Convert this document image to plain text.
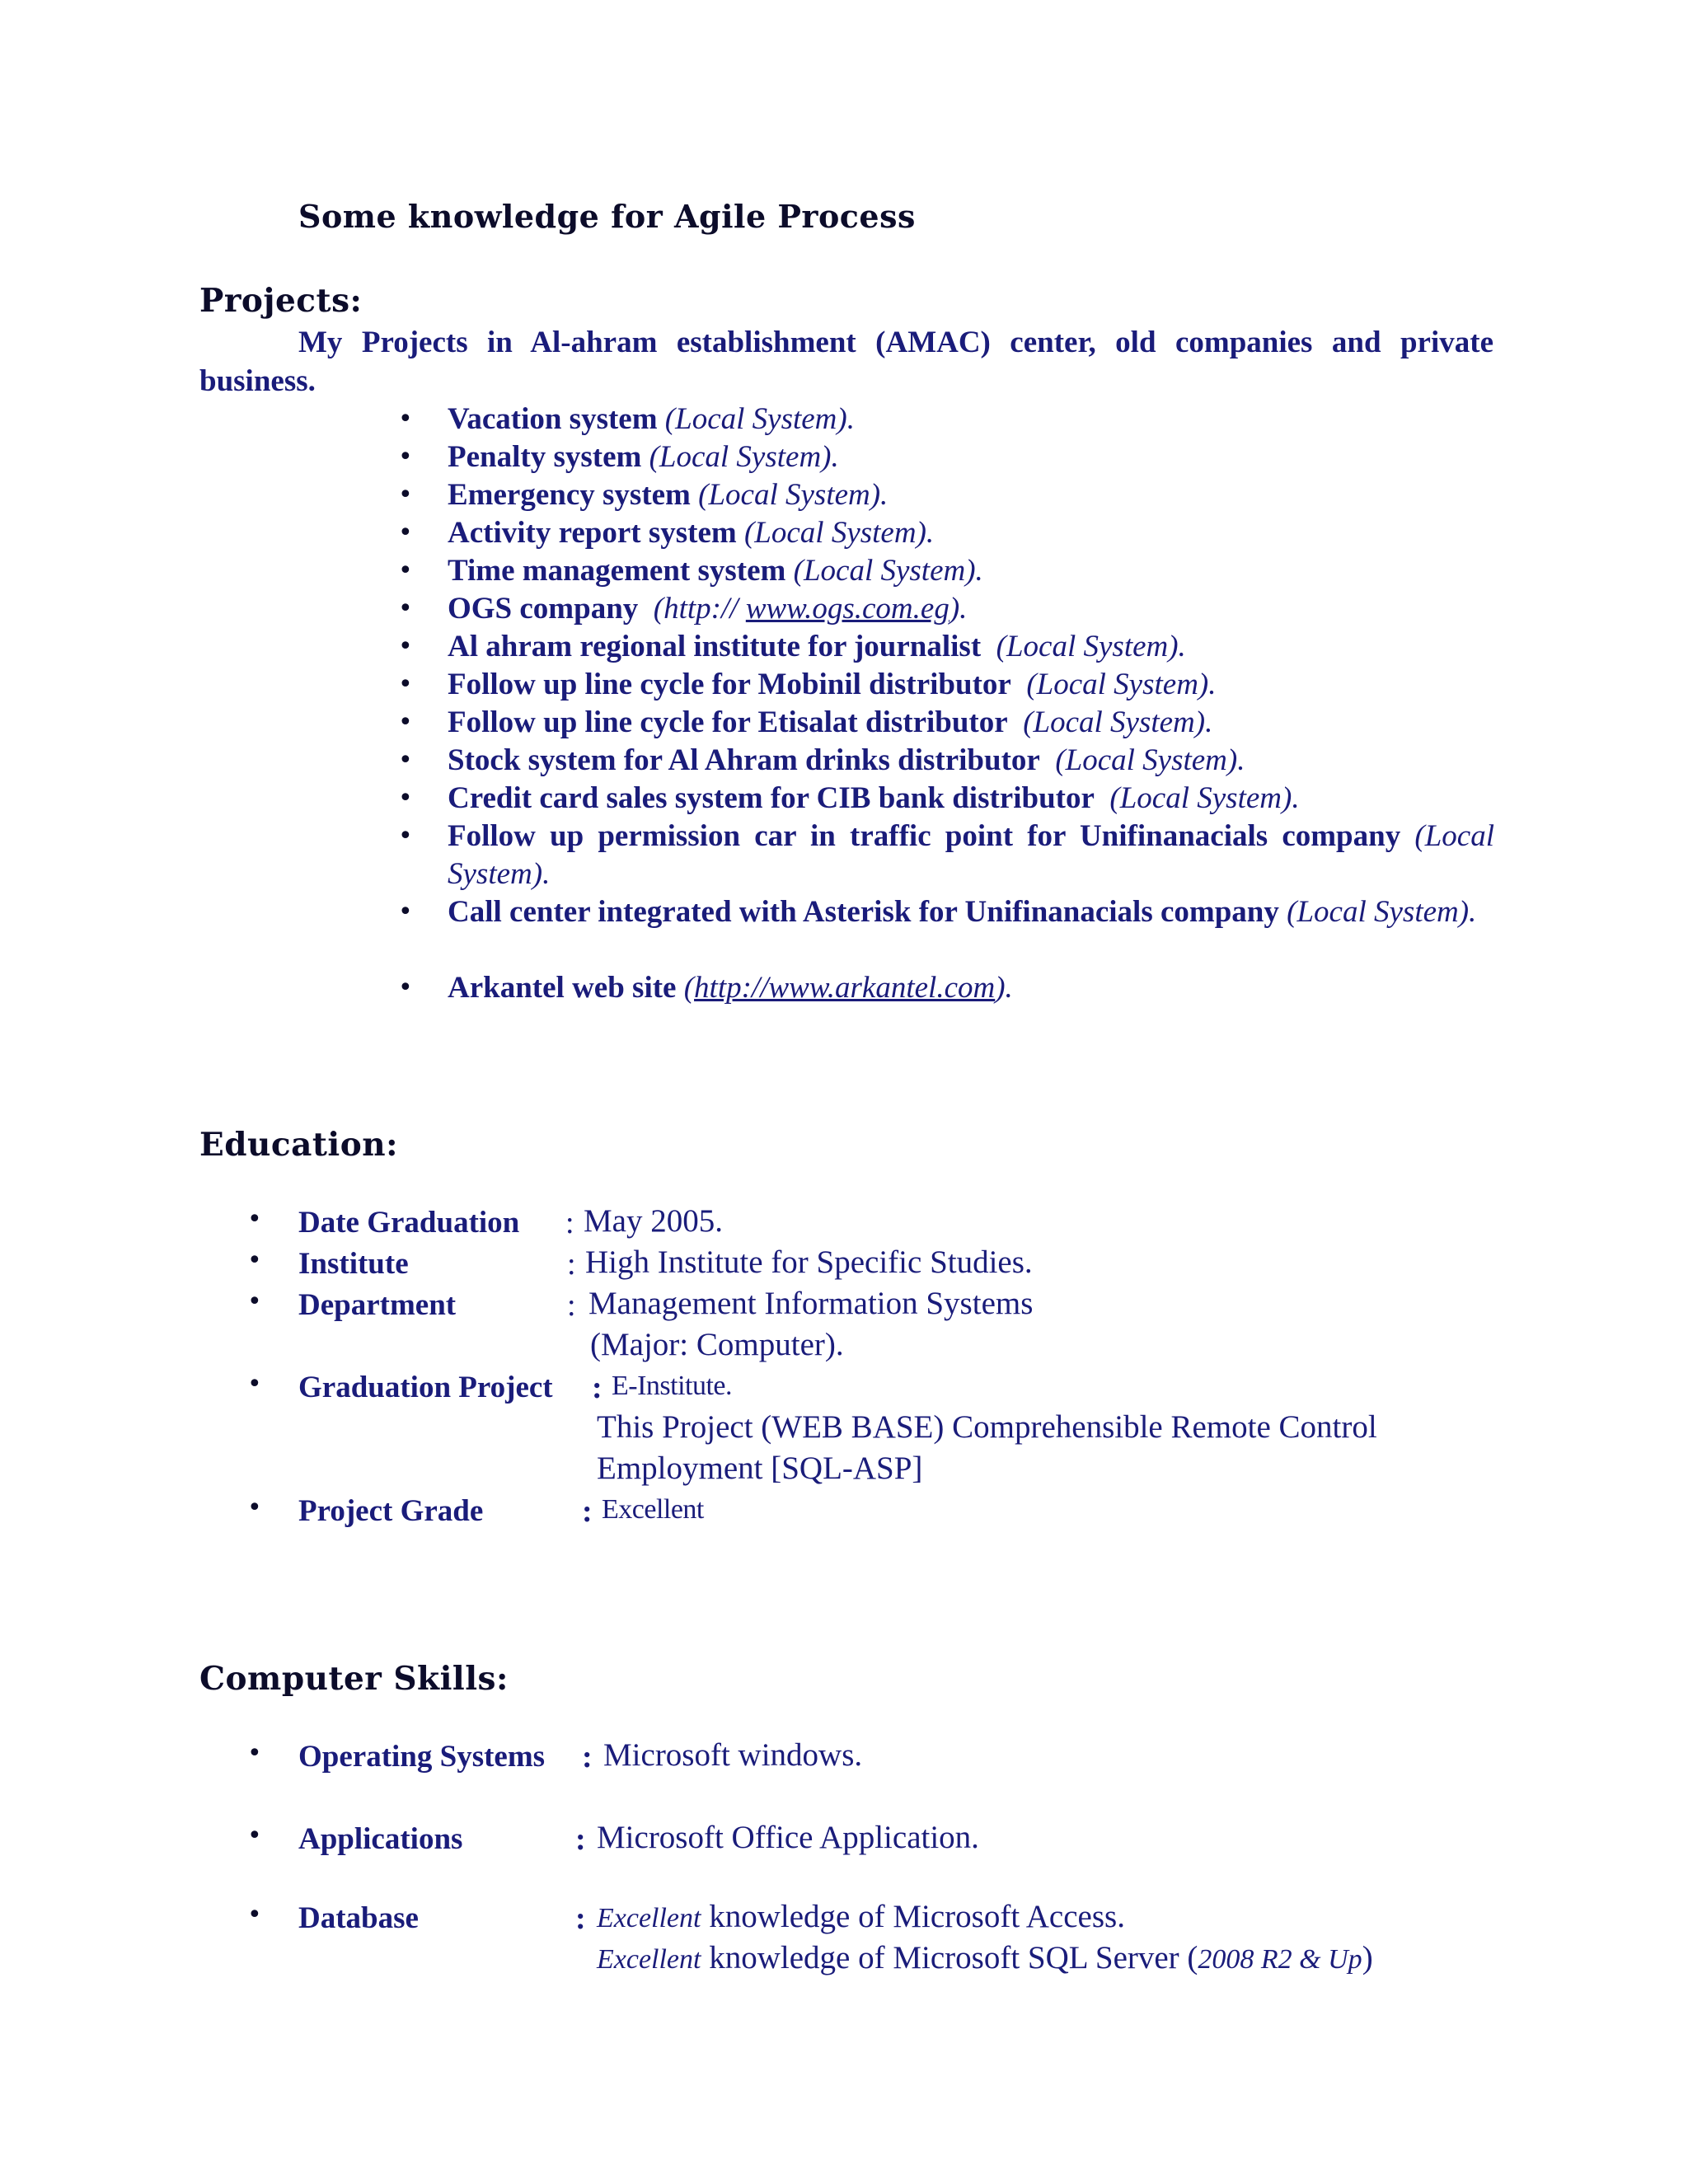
Some knowledge for Agile Process
Projects:
My Projects in Al-ahram establishment (AMAC) center, old companies and private business.
• Vacation system (Local System).
• Penalty system (Local System).
• Emergency system (Local System).
• Activity report system (Local System).
• Time management system (Local System).
• OGS company (http:// www.ogs.com.eg).
• Al ahram regional institute for journalist (Local System).
• Follow up line cycle for Mobinil distributor (Local System).
• Follow up line cycle for Etisalat distributor (Local System).
• Stock system for Al Ahram drinks distributor (Local System).
• Credit card sales system for CIB bank distributor (Local System).
• Follow up permission car in traffic point for Unifinanacials company (Local System).
• Call center integrated with Asterisk for Unifinanacials company (Local System).
• Arkantel web site (http://www.arkantel.com).
Education:
• Date Graduation : May 2005.
• Institute	: High Institute for Specific Studies.
• Department	: Management Information Systems
(Major: Computer).
• Graduation Project : E-Institute.
This Project (WEB BASE) Comprehensible Remote Control
Employment [SQL-ASP]
• Project Grade	: Excellent
Computer Skills:
• Operating Systems : Microsoft windows.
• Applications	: Microsoft Office Application.
• Database	: Excellent knowledge of Microsoft Access.
Excellent knowledge of Microsoft SQL Server (2008 R2 & Up)
